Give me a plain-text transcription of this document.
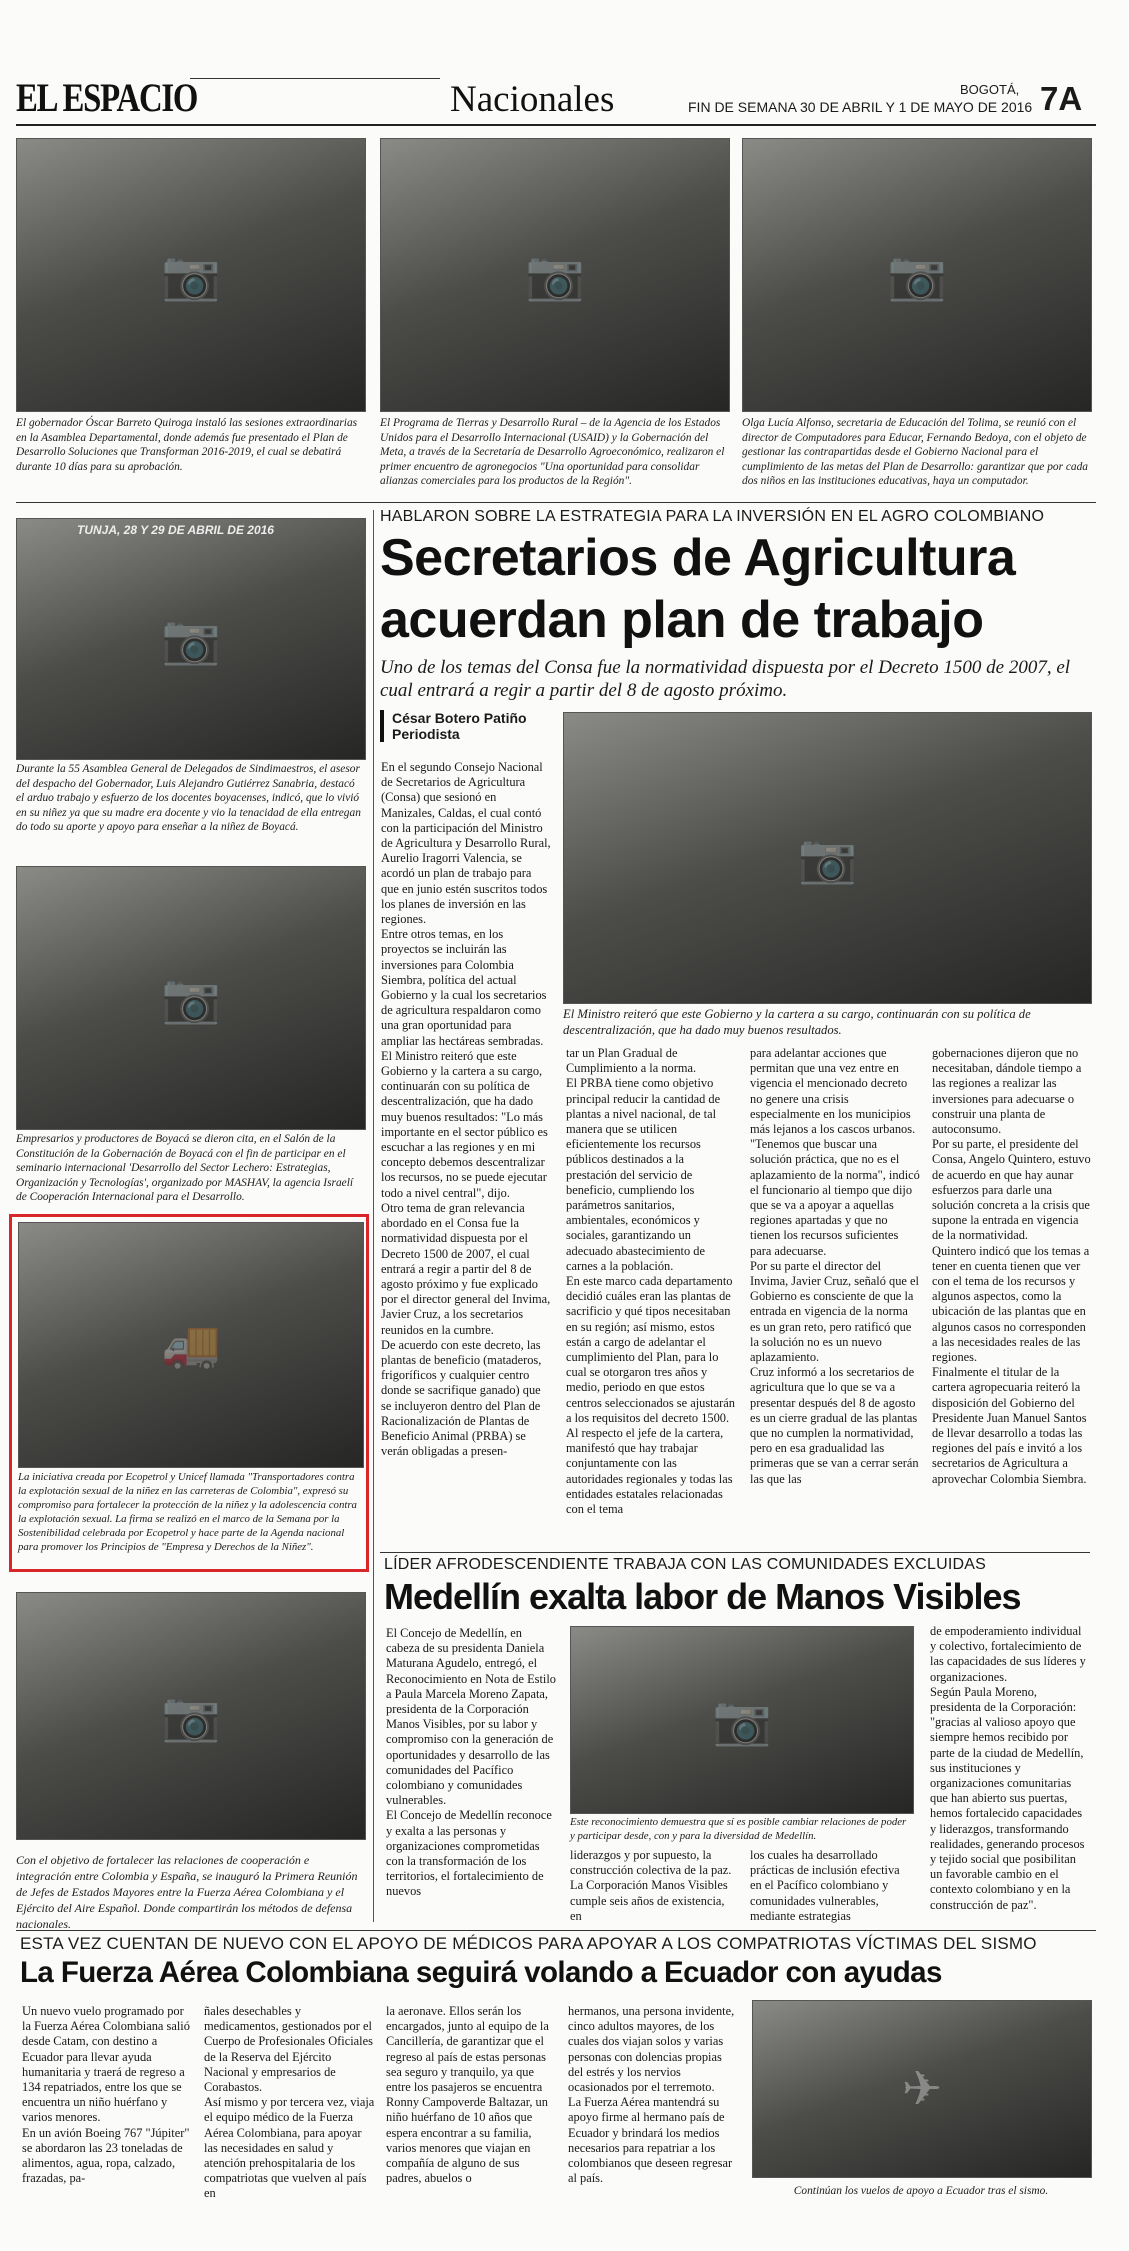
EL ESPACIO	Nacionales	BOGOTÁ,
FIN DE SEMANA 30 DE ABRIL Y 1 DE MAYO DE 2016 7A
📷

El gobernador Óscar Barreto Quiroga instaló las sesiones extraordinarias en la Asamblea Departamental, donde además fue presentado el Plan de Desarrollo Soluciones que Transforman 2016-2019, el cual se debatirá durante 10 días para su aprobación.

📷

El Programa de Tierras y Desarrollo Rural – de la Agencia de los Estados Unidos para el Desarrollo Internacional (USAID) y la Gobernación del Meta, a través de la Secretaría de Desarrollo Agroeconómico, realizaron el primer encuentro de agronegocios "Una oportunidad para consolidar alianzas comerciales para los productos de la Región".

📷

Olga Lucía Alfonso, secretaria de Educación del Tolima, se reunió con el director de Computadores para Educar, Fernando Bedoya, con el objeto de gestionar las contrapartidas desde el Gobierno Nacional para el cumplimiento de las metas del Plan de Desarrollo: garantizar que por cada dos niños en las instituciones educativas, haya un computador.

TUNJA, 28 Y 29 DE ABRIL DE 2016
📷

Durante la 55 Asamblea General de Delegados de Sindimaestros, el asesor del despacho del Gobernador, Luis Alejandro Gutiérrez Sanabria, destacó el arduo trabajo y esfuerzo de los docentes boyacenses, indicó, que lo vivió en su niñez ya que su madre era docente y vio la tenacidad de ella entregan do todo su aporte y apoyo para enseñar a la niñez de Boyacá.

📷

Empresarios y productores de Boyacá se dieron cita, en el Salón de la Constitución de la Gobernación de Boyacá con el fin de participar en el seminario internacional 'Desarrollo del Sector Lechero: Estrategias, Organización y Tecnologías', organizado por MASHAV, la agencia Israelí de Cooperación Internacional para el Desarrollo.

🚚

La iniciativa creada por Ecopetrol y Unicef llamada "Transportadores contra la explotación sexual de la niñez en las carreteras de Colombia", expresó su compromiso para fortalecer la protección de la niñez y la adolescencia contra la explotación sexual. La firma se realizó en el marco de la Semana por la Sostenibilidad celebrada por Ecopetrol y hace parte de la Agenda nacional para promover los Principios de "Empresa y Derechos de la Niñez".

📷

Con el objetivo de fortalecer las relaciones de cooperación e integración entre Colombia y España, se inauguró la Primera Reunión de Jefes de Estados Mayores entre la Fuerza Aérea Colombiana y el Ejército del Aire Español. Donde compartirán los métodos de defensa nacionales.

HABLARON SOBRE LA ESTRATEGIA PARA LA INVERSIÓN EN EL AGRO COLOMBIANO
Secretarios de Agricultura
acuerdan plan de trabajo

Uno de los temas del Consa fue la normatividad dispuesta por el Decreto 1500 de 2007, el cual entrará a regir a partir del 8 de agosto próximo.

César Botero Patiño
Periodista
📷

El Ministro reiteró que este Gobierno y la cartera a su cargo, continuarán con su política de descentralización, que ha dado muy buenos resultados.

En el segundo Consejo Nacional de Secretarios de Agricultura (Consa) que sesionó en Manizales, Caldas, el cual contó con la participación del Ministro de Agricultura y Desarrollo Rural, Aurelio Iragorri Valencia, se acordó un plan de trabajo para que en junio estén suscritos todos los planes de inversión en las regiones.

Entre otros temas, en los proyectos se incluirán las inversiones para Colombia Siembra, política del actual Gobierno y la cual los secretarios de agricultura respaldaron como una gran oportunidad para ampliar las hectáreas sembradas.

El Ministro reiteró que este Gobierno y la cartera a su cargo, continuarán con su política de descentralización, que ha dado muy buenos resultados: "Lo más importante en el sector público es escuchar a las regiones y en mi concepto debemos descentralizar los recursos, no se puede ejecutar todo a nivel central", dijo.

Otro tema de gran relevancia abordado en el Consa fue la normatividad dispuesta por el Decreto 1500 de 2007, el cual entrará a regir a partir del 8 de agosto próximo y fue explicado por el director general del Invima, Javier Cruz, a los secretarios reunidos en la cumbre.

De acuerdo con este decreto, las plantas de beneficio (mataderos, frigoríficos y cualquier centro donde se sacrifique ganado) que se incluyeron dentro del Plan de Racionalización de Plantas de Beneficio Animal (PRBA) se verán obligadas a presen-

tar un Plan Gradual de Cumplimiento a la norma.

El PRBA tiene como objetivo principal reducir la cantidad de plantas a nivel nacional, de tal manera que se utilicen eficientemente los recursos públicos destinados a la prestación del servicio de beneficio, cumpliendo los parámetros sanitarios, ambientales, económicos y sociales, garantizando un adecuado abastecimiento de carnes a la población.

En este marco cada departamento decidió cuáles eran las plantas de sacrificio y qué tipos necesitaban en su región; así mismo, estos están a cargo de adelantar el cumplimiento del Plan, para lo cual se otorgaron tres años y medio, periodo en que estos centros seleccionados se ajustarán a los requisitos del decreto 1500.

Al respecto el jefe de la cartera, manifestó que hay trabajar conjuntamente con las autoridades regionales y todas las entidades estatales relacionadas con el tema

para adelantar acciones que permitan que una vez entre en vigencia el mencionado decreto no genere una crisis especialmente en los municipios más lejanos a los cascos urbanos.

"Tenemos que buscar una solución práctica, que no es el aplazamiento de la norma", indicó el funcionario al tiempo que dijo que se va a apoyar a aquellas regiones apartadas y que no tienen los recursos suficientes para adecuarse.

Por su parte el director del Invima, Javier Cruz, señaló que el Gobierno es consciente de que la entrada en vigencia de la norma es un gran reto, pero ratificó que la solución no es un nuevo aplazamiento.

Cruz informó a los secretarios de agricultura que lo que se va a presentar después del 8 de agosto es un cierre gradual de las plantas que no cumplen la normatividad, pero en esa gradualidad las primeras que se van a cerrar serán las que las

gobernaciones dijeron que no necesitaban, dándole tiempo a las regiones a realizar las inversiones para adecuarse o construir una planta de autoconsumo.

Por su parte, el presidente del Consa, Angelo Quintero, estuvo de acuerdo en que hay aunar esfuerzos para darle una solución concreta a la crisis que supone la entrada en vigencia de la normatividad.

Quintero indicó que los temas a tener en cuenta tienen que ver con el tema de los recursos y algunos aspectos, como la ubicación de las plantas que en algunos casos no corresponden a las necesidades reales de las regiones.

Finalmente el titular de la cartera agropecuaria reiteró la disposición del Gobierno del Presidente Juan Manuel Santos de llevar desarrollo a todas las regiones del país e invitó a los secretarios de Agricultura a aprovechar Colombia Siembra.

LÍDER AFRODESCENDIENTE TRABAJA CON LAS COMUNIDADES EXCLUIDAS
Medellín exalta labor de Manos Visibles
📷

Este reconocimiento demuestra que sí es posible cambiar relaciones de poder y participar desde, con y para la diversidad de Medellín.

El Concejo de Medellín, en cabeza de su presidenta Daniela Maturana Agudelo, entregó, el Reconocimiento en Nota de Estilo a Paula Marcela Moreno Zapata, presidenta de la Corporación Manos Visibles, por su labor y compromiso con la generación de oportunidades y desarrollo de las comunidades del Pacífico colombiano y comunidades vulnerables.

El Concejo de Medellín reconoce y exalta a las personas y organizaciones comprometidas con la transformación de los territorios, el fortalecimiento de nuevos

liderazgos y por supuesto, la construcción colectiva de la paz. La Corporación Manos Visibles cumple seis años de existencia, en

los cuales ha desarrollado prácticas de inclusión efectiva en el Pacífico colombiano y comunidades vulnerables, mediante estrategias

de empoderamiento individual y colectivo, fortalecimiento de las capacidades de sus líderes y organizaciones.

Según Paula Moreno, presidenta de la Corporación: "gracias al valioso apoyo que siempre hemos recibido por parte de la ciudad de Medellín, sus instituciones y organizaciones comunitarias que han abierto sus puertas, hemos fortalecido capacidades y liderazgos, transformando realidades, generando procesos y tejido social que posibilitan un favorable cambio en el contexto colombiano y en la construcción de paz".

ESTA VEZ CUENTAN DE NUEVO CON EL APOYO DE MÉDICOS PARA APOYAR A LOS COMPATRIOTAS VÍCTIMAS DEL SISMO
La Fuerza Aérea Colombiana seguirá volando a Ecuador con ayudas

Un nuevo vuelo programado por la Fuerza Aérea Colombiana salió desde Catam, con destino a Ecuador para llevar ayuda humanitaria y traerá de regreso a 134 repatriados, entre los que se encuentra un niño huérfano y varios menores.

En un avión Boeing 767 "Júpiter" se abordaron las 23 toneladas de alimentos, agua, ropa, calzado, frazadas, pa-

ñales desechables y medicamentos, gestionados por el Cuerpo de Profesionales Oficiales de la Reserva del Ejército Nacional y empresarios de Corabastos.

Así mismo y por tercera vez, viaja el equipo médico de la Fuerza Aérea Colombiana, para apoyar las necesidades en salud y atención prehospitalaria de los compatriotas que vuelven al país en

la aeronave. Ellos serán los encargados, junto al equipo de la Cancillería, de garantizar que el regreso al país de estas personas sea seguro y tranquilo, ya que entre los pasajeros se encuentra Ronny Campoverde Baltazar, un niño huérfano de 10 años que espera encontrar a su familia, varios menores que viajan en compañía de alguno de sus padres, abuelos o

hermanos, una persona invidente, cinco adultos mayores, de los cuales dos viajan solos y varias personas con dolencias propias del estrés y los nervios ocasionados por el terremoto.

La Fuerza Aérea mantendrá su apoyo firme al hermano país de Ecuador y brindará los medios necesarios para repatriar a los colombianos que deseen regresar al país.

✈

Continúan los vuelos de apoyo a Ecuador tras el sismo.
